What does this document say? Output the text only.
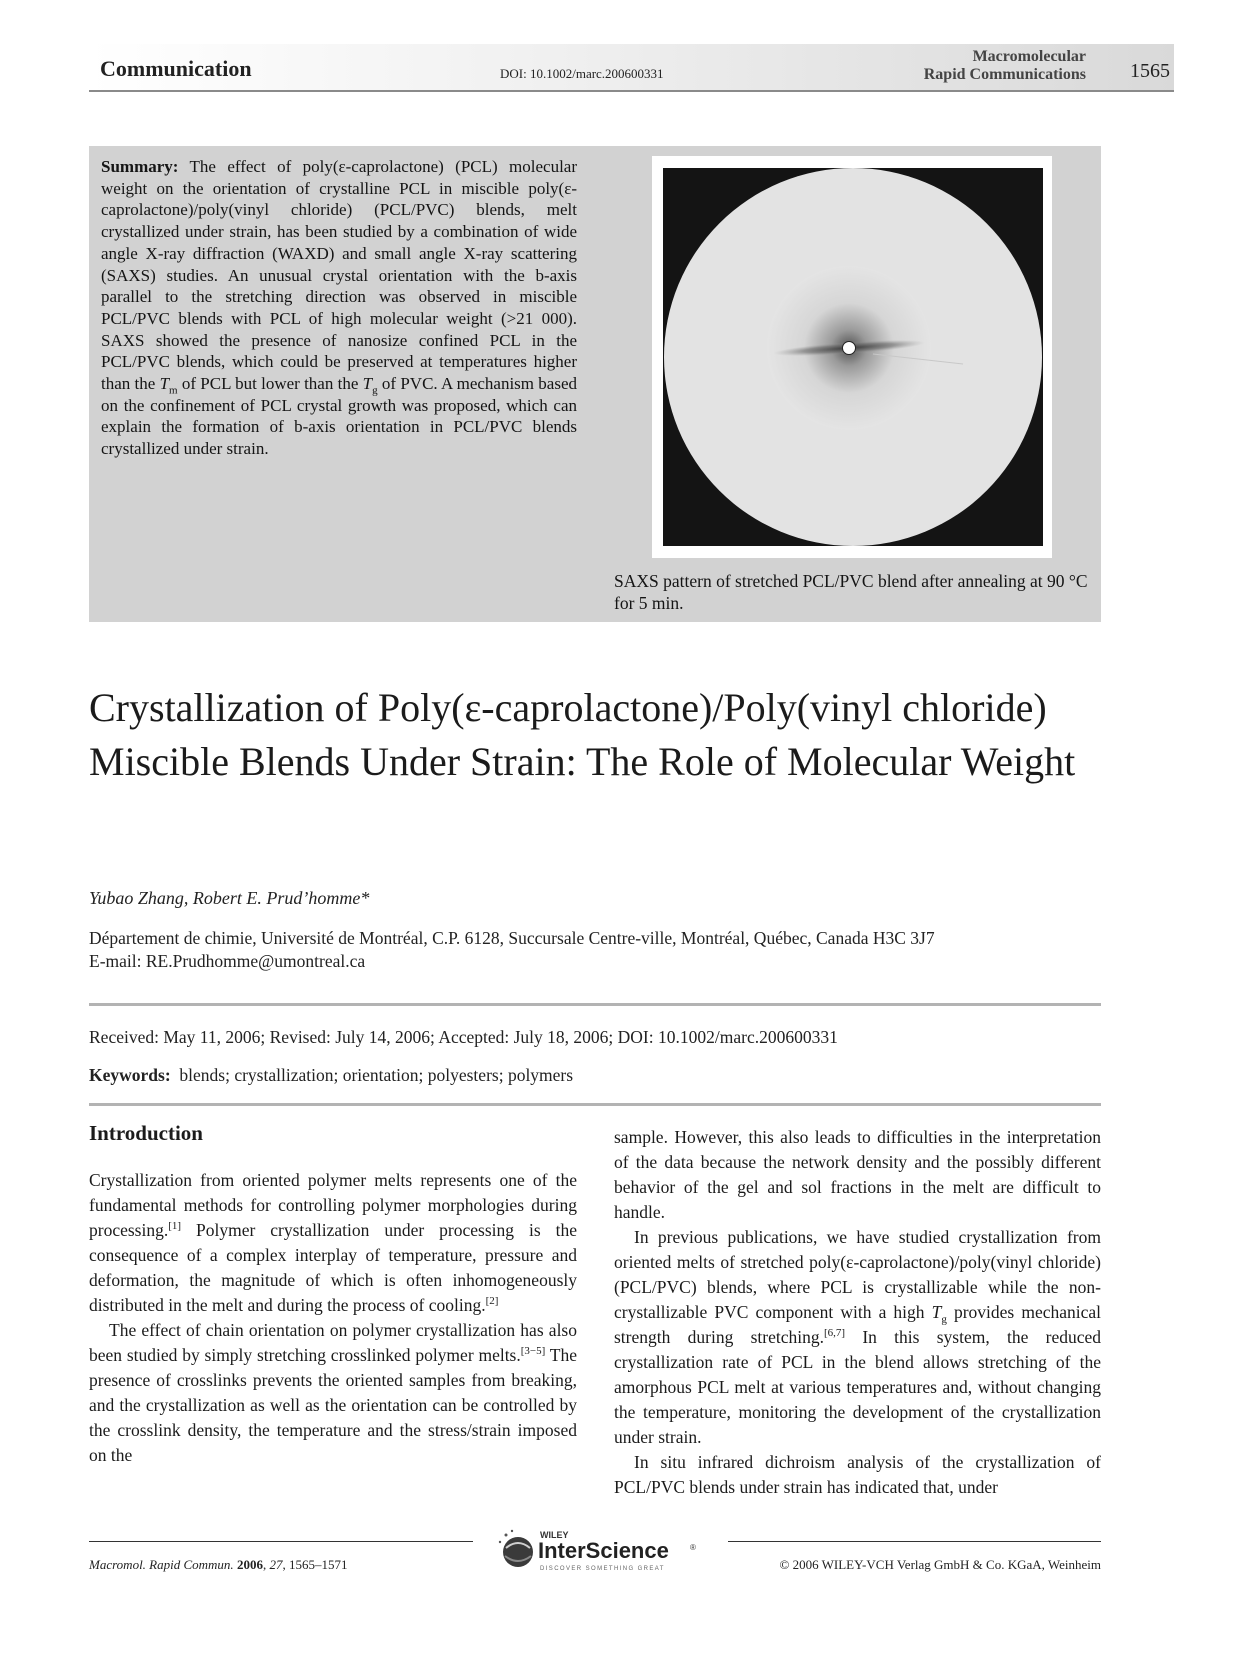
Communication	DOI: 10.1002/marc.200600331
Macromolecular
Rapid Communications 1565
Summary: The effect of poly(ε-caprolactone) (PCL) molecular weight on the orientation of crystalline PCL in miscible poly(ε-caprolactone)/poly(vinyl chloride) (PCL/PVC) blends, melt crystallized under strain, has been studied by a combination of wide angle X-ray diffraction (WAXD) and small angle X-ray scattering (SAXS) studies. An unusual crystal orientation with the b-axis parallel to the stretching direction was observed in miscible PCL/PVC blends with PCL of high molecular weight (>21 000). SAXS showed the presence of nanosize confined PCL in the PCL/PVC blends, which could be preserved at temperatures higher than the $T_m$ of PCL but lower than the $T_g$ of PVC. A mechanism based on the confinement of PCL crystal growth was proposed, which can explain the formation of b-axis orientation in PCL/PVC blends crystallized under strain.
SAXS pattern of stretched PCL/PVC blend after annealing at 90 °C for 5 min.
Crystallization of Poly(ε-caprolactone)/Poly(vinyl chloride) Miscible Blends Under Strain: The Role of Molecular Weight
Yubao Zhang, Robert E. Prud’homme*
Département de chimie, Université de Montréal, C.P. 6128, Succursale Centre-ville, Montréal, Québec, Canada H3C 3J7
E-mail: RE.Prudhomme@umontreal.ca
Received: May 11, 2006; Revised: July 14, 2006; Accepted: July 18, 2006; DOI: 10.1002/marc.200600331
Keywords: blends; crystallization; orientation; polyesters; polymers
Introduction

Crystallization from oriented polymer melts represents one of the fundamental methods for controlling polymer morphologies during processing.[1] Polymer crystallization under processing is the consequence of a complex interplay of temperature, pressure and deformation, the magnitude of which is often inhomogeneously distributed in the melt and during the process of cooling.[2]

The effect of chain orientation on polymer crystallization has also been studied by simply stretching crosslinked polymer melts.[3−5] The presence of crosslinks prevents the oriented samples from breaking, and the crystallization as well as the orientation can be controlled by the crosslink density, the temperature and the stress/strain imposed on the

sample. However, this also leads to difficulties in the interpretation of the data because the network density and the possibly different behavior of the gel and sol fractions in the melt are difficult to handle.

In previous publications, we have studied crystallization from oriented melts of stretched poly(ε-caprolactone)/poly(vinyl chloride) (PCL/PVC) blends, where PCL is crystallizable while the non-crystallizable PVC component with a high $T_g$ provides mechanical strength during stretching.[6,7] In this system, the reduced crystallization rate of PCL in the blend allows stretching of the amorphous PCL melt at various temperatures and, without changing the temperature, monitoring the development of the crystallization under strain.

In situ infrared dichroism analysis of the crystallization of PCL/PVC blends under strain has indicated that, under

Macromol. Rapid Commun. 2006, 27, 1565–1571
WILEY
InterScience	®
DISCOVER SOMETHING GREAT	© 2006 WILEY-VCH Verlag GmbH & Co. KGaA, Weinheim
